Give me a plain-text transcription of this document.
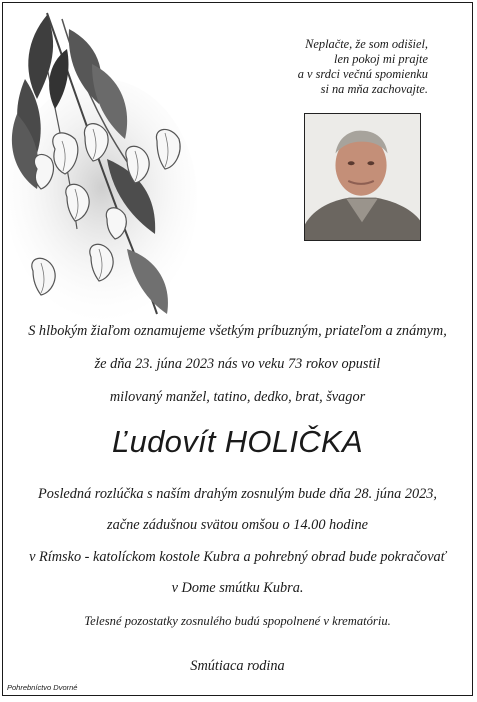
Neplačte, že som odišiel,
len pokoj mi prajte
a v srdci večnú spomienku
si na mňa zachovajte.
S hlbokým žiaľom oznamujeme všetkým príbuzným, priateľom a známym,
že dňa 23. júna 2023 nás vo veku 73 rokov opustil
milovaný manžel, tatino, dedko, brat, švagor
Ľudovít HOLIČKA
Posledná rozlúčka s naším drahým zosnulým bude dňa 28. júna 2023,
začne zádušnou svätou omšou o 14.00 hodine
v Rímsko - katolíckom kostole Kubra a pohrebný obrad bude pokračovať
v Dome smútku Kubra.
Telesné pozostatky zosnulého budú spopolnené v krematóriu.
Smútiaca rodina
Pohrebníctvo Dvorné
